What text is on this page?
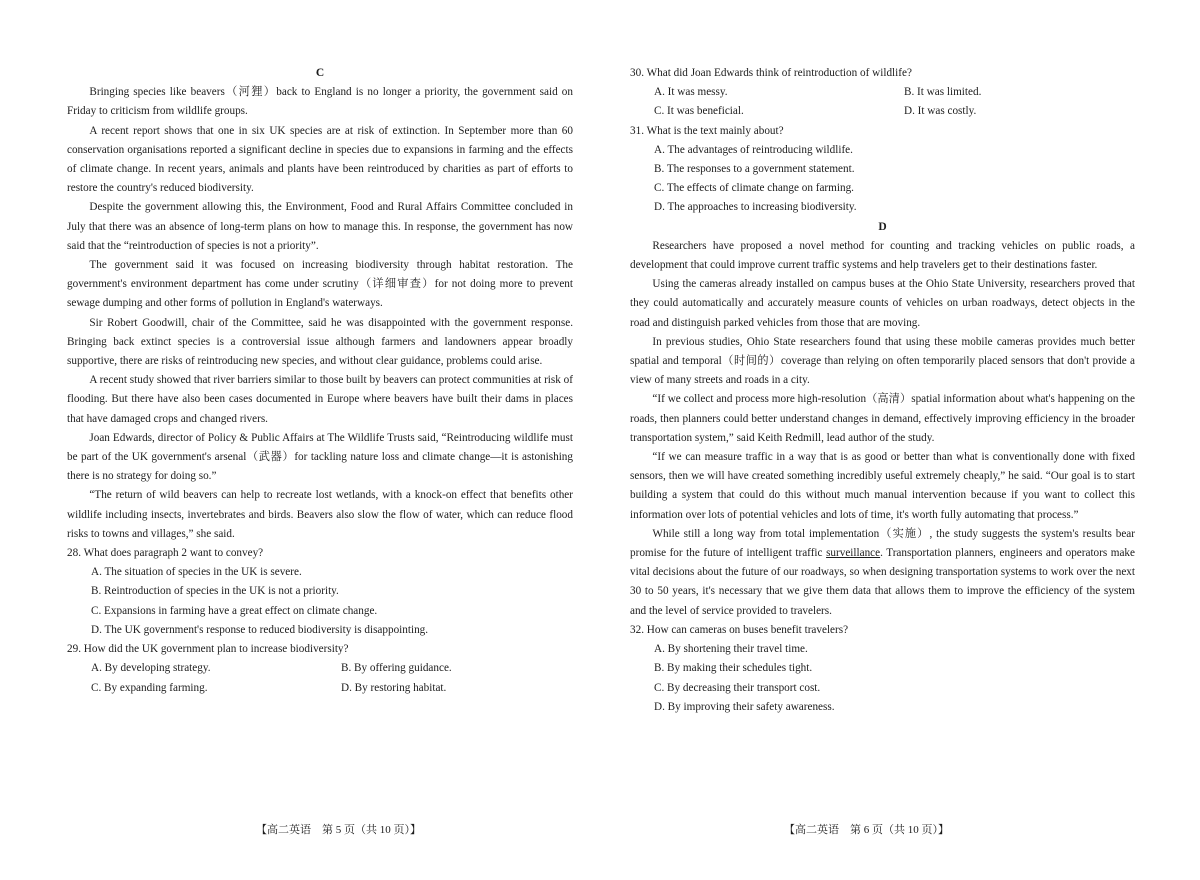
C

Bringing species like beavers（河狸）back to England is no longer a priority, the government said on Friday to criticism from wildlife groups.

A recent report shows that one in six UK species are at risk of extinction. In September more than 60 conservation organisations reported a significant decline in species due to expansions in farming and the effects of climate change. In recent years, animals and plants have been reintroduced by charities as part of efforts to restore the country's reduced biodiversity.

Despite the government allowing this, the Environment, Food and Rural Affairs Committee concluded in July that there was an absence of long-term plans on how to manage this. In response, the government has now said that the “reintroduction of species is not a priority”.

The government said it was focused on increasing biodiversity through habitat restoration. The government's environment department has come under scrutiny（详细审查）for not doing more to prevent sewage dumping and other forms of pollution in England's waterways.

Sir Robert Goodwill, chair of the Committee, said he was disappointed with the government response. Bringing back extinct species is a controversial issue although farmers and landowners appear broadly supportive, there are risks of reintroducing new species, and without clear guidance, problems could arise.

A recent study showed that river barriers similar to those built by beavers can protect communities at risk of flooding. But there have also been cases documented in Europe where beavers have built their dams in places that have damaged crops and changed rivers.

Joan Edwards, director of Policy & Public Affairs at The Wildlife Trusts said, “Reintroducing wildlife must be part of the UK government's arsenal（武器）for tackling nature loss and climate change—it is astonishing there is no strategy for doing so.”

“The return of wild beavers can help to recreate lost wetlands, with a knock-on effect that benefits other wildlife including insects, invertebrates and birds. Beavers also slow the flow of water, which can reduce flood risks to towns and villages,” she said.

28. What does paragraph 2 want to convey?
A. The situation of species in the UK is severe.
B. Reintroduction of species in the UK is not a priority.
C. Expansions in farming have a great effect on climate change.
D. The UK government's response to reduced biodiversity is disappointing.
29. How did the UK government plan to increase biodiversity?
A. By developing strategy.	B. By offering guidance.
C. By expanding farming.	D. By restoring habitat.
30. What did Joan Edwards think of reintroduction of wildlife?
A. It was messy.	B. It was limited.
C. It was beneficial.	D. It was costly.
31. What is the text mainly about?
A. The advantages of reintroducing wildlife.
B. The responses to a government statement.
C. The effects of climate change on farming.
D. The approaches to increasing biodiversity.
D

Researchers have proposed a novel method for counting and tracking vehicles on public roads, a development that could improve current traffic systems and help travelers get to their destinations faster.

Using the cameras already installed on campus buses at the Ohio State University, researchers proved that they could automatically and accurately measure counts of vehicles on urban roadways, detect objects in the road and distinguish parked vehicles from those that are moving.

In previous studies, Ohio State researchers found that using these mobile cameras provides much better spatial and temporal（时间的）coverage than relying on often temporarily placed sensors that don't provide a view of many streets and roads in a city.

“If we collect and process more high-resolution（高清）spatial information about what's happening on the roads, then planners could better understand changes in demand, effectively improving efficiency in the broader transportation system,” said Keith Redmill, lead author of the study.

“If we can measure traffic in a way that is as good or better than what is conventionally done with fixed sensors, then we will have created something incredibly useful extremely cheaply,” he said. “Our goal is to start building a system that could do this without much manual intervention because if you want to collect this information over lots of potential vehicles and lots of time, it's worth fully automating that process.”

While still a long way from total implementation（实施）, the study suggests the system's results bear promise for the future of intelligent traffic surveillance. Transportation planners, engineers and operators make vital decisions about the future of our roadways, so when designing transportation systems to work over the next 30 to 50 years, it's necessary that we give them data that allows them to improve the efficiency of the system and the level of service provided to travelers.

32. How can cameras on buses benefit travelers?
A. By shortening their travel time.
B. By making their schedules tight.
C. By decreasing their transport cost.
D. By improving their safety awareness.
【高二英语　第 5 页（共 10 页）】	【高二英语　第 6 页（共 10 页）】
